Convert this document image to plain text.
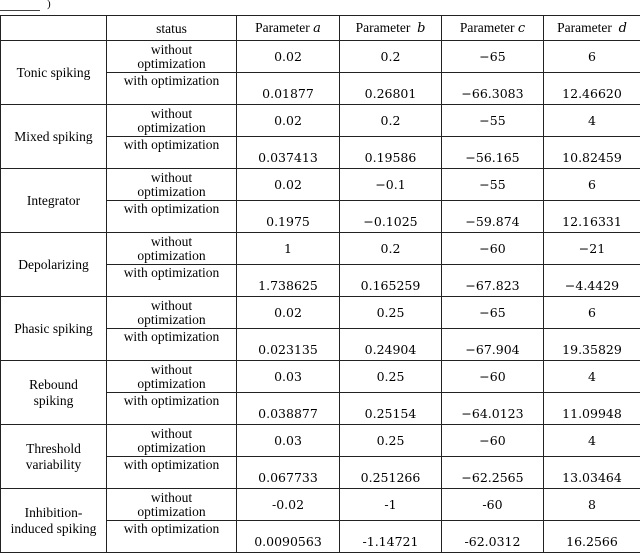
)
	status	Parameter a	Parameter b	Parameter c	Parameter d
Tonic spiking	without
optimization	0.02	0.2	−65	6
	with optimization	0.01877	0.26801	−66.3083	12.46620
Mixed spiking	without
optimization	0.02	0.2	−55	4
	with optimization	0.037413	0.19586	−56.165	10.82459
Integrator	without
optimization	0.02	−0.1	−55	6
	with optimization	0.1975	−0.1025	−59.874	12.16331
Depolarizing	without
optimization	1	0.2	−60	−21
	with optimization	1.738625	0.165259	−67.823	−4.4429
Phasic spiking	without
optimization	0.02	0.25	−65	6
	with optimization	0.023135	0.24904	−67.904	19.35829
Rebound
spiking	without
optimization	0.03	0.25	−60	4
	with optimization	0.038877	0.25154	−64.0123	11.09948
Threshold
variability	without
optimization	0.03	0.25	−60	4
	with optimization	0.067733	0.251266	−62.2565	13.03464
Inhibition-
induced spiking	without
optimization	-0.02	-1	-60	8
	with optimization	0.0090563	-1.14721	-62.0312	16.2566
